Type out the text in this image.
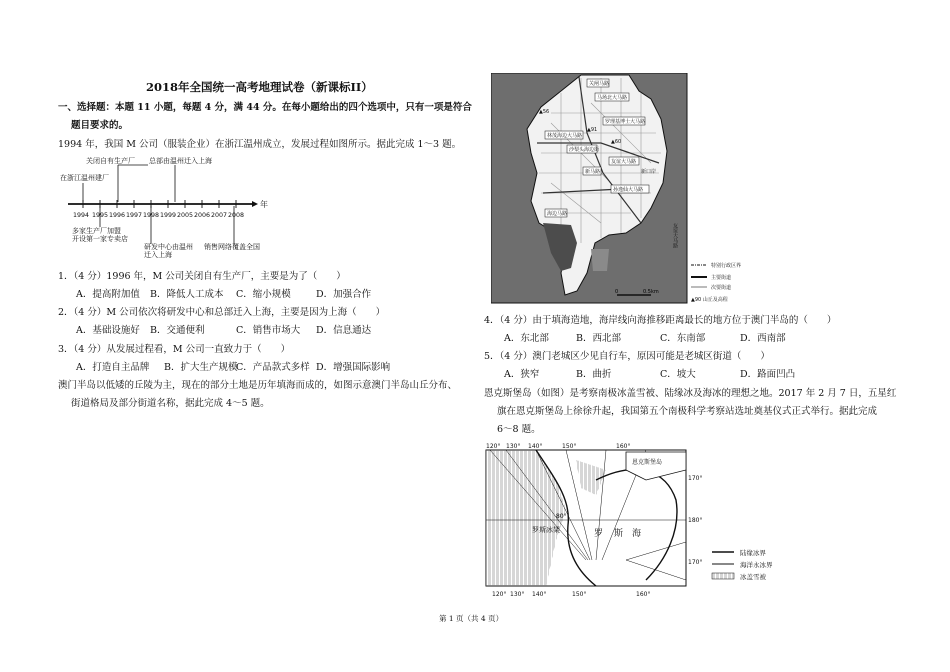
2018年全国统一高考地理试卷（新课标II）
一、选择题：本题 11 小题，每题 4 分，满 44 分。在每小题给出的四个选项中，只有一项是符合
题目要求的。
1994 年，我国 M 公司（服装企业）在浙江温州成立，发展过程如图所示。据此完成 1～3 题。
在浙江温州建厂
关闭自有生产厂 总部由温州迁入上海
年
1994 1995 1996 1997 1998 1999 2005 2006 2007 2008
多家生产厂加盟
开设第一家专卖店
研发中心由温州
迁入上海
销售网络覆盖全国
1．（4 分）1996 年，M 公司关闭自有生产厂，主要是为了（　　）
A．提高附加值 B．降低人工成本 C．缩小规模	D．加强合作
2．（4 分）M 公司依次将研发中心和总部迁入上海，主要是因为上海（　　）
A．基础设施好 B．交通便利	C．销售市场大 D．信息通达
3．（4 分）从发展过程看，M 公司一直致力于（　　）
A．打造自主品牌 B．扩大生产规模
C．产品款式多样 D．增强国际影响
澳门半岛以低矮的丘陵为主，现在的部分土地是历年填海而成的，如图示意澳门半岛山丘分布、
街道格局及部分街道名称，据此完成 4～5 题。
关闸马路
马场北大马路
林茂海边大马路
沙梨头海边街
新马路
友谊大马路
罗理基博士大马路
孙逸仙大马路
海边马路
新口岸
友谊大马路
▲56
▲91
▲60
0	0.5km
特别行政区界
主要街道
次要街道
▲90 山丘及高程
4．（4 分）由于填海造地，海岸线向海推移距离最长的地方位于澳门半岛的（　　）
A．东北部	B．西北部	C．东南部	D．西南部
5．（4 分）澳门老城区少见自行车，原因可能是老城区街道（　　）
A．狭窄	B．曲折	C．坡大	D．路面凹凸
恩克斯堡岛（如图）是考察南极冰盖雪被、陆缘冰及海冰的理想之地。2017 年 2 月 7 日，五星红
旗在恩克斯堡岛上徐徐升起，我国第五个南极科学考察站选址奠基仪式正式举行。据此完成
6～8 题。
120° 130° 140°	150°	160°
120° 130° 140°	150°	160°
170°
180°
170°
80°
恩克斯堡岛
罗斯冰架	罗 斯 海
陆缘冰界
海洋永冰界
冰盖雪被
第 1 页（共 4 页）
